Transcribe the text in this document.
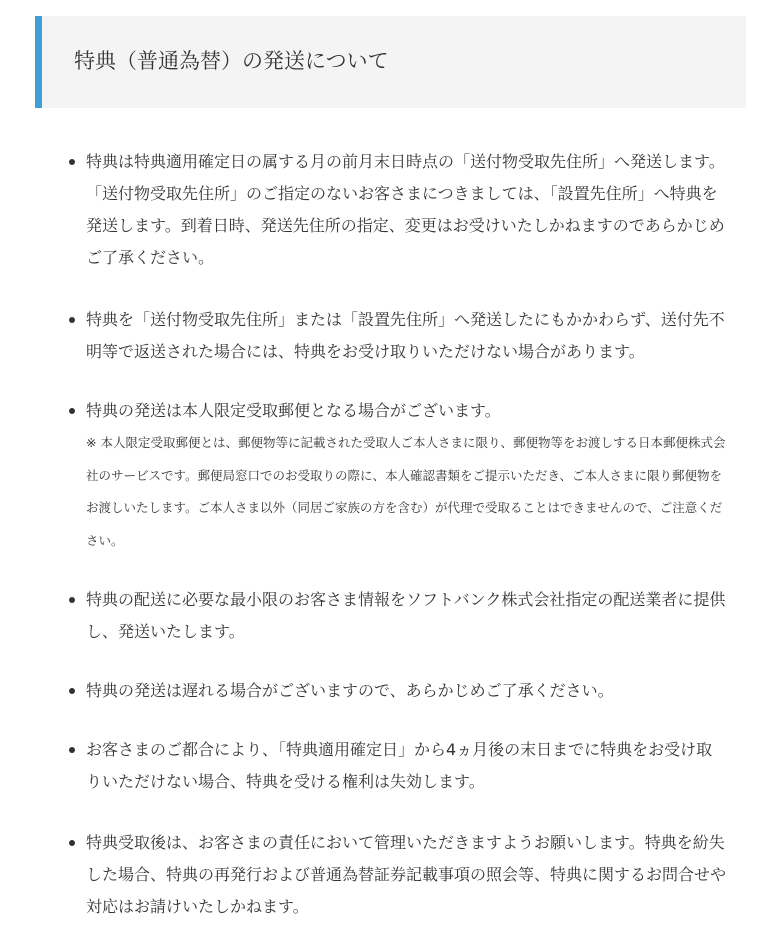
特典（普通為替）の発送について
特典は特典適用確定日の属する月の前月末日時点の「送付物受取先住所」へ発送します。「送付物受取先住所」のご指定のないお客さまにつきましては、「設置先住所」へ特典を発送します。到着日時、発送先住所の指定、変更はお受けいたしかねますのであらかじめご了承ください。
特典を「送付物受取先住所」または「設置先住所」へ発送したにもかかわらず、送付先不明等で返送された場合には、特典をお受け取りいただけない場合があります。
特典の発送は本人限定受取郵便となる場合がございます。
※ 本人限定受取郵便とは、郵便物等に記載された受取人ご本人さまに限り、郵便物等をお渡しする日本郵便株式会社のサービスです。郵便局窓口でのお受取りの際に、本人確認書類をご提示いただき、ご本人さまに限り郵便物をお渡しいたします。ご本人さま以外（同居ご家族の方を含む）が代理で受取ることはできませんので、ご注意ください。
特典の配送に必要な最小限のお客さま情報をソフトバンク株式会社指定の配送業者に提供し、発送いたします。
特典の発送は遅れる場合がございますので、あらかじめご了承ください。
お客さまのご都合により、「特典適用確定日」から4ヵ月後の末日までに特典をお受け取りいただけない場合、特典を受ける権利は失効します。
特典受取後は、お客さまの責任において管理いただきますようお願いします。特典を紛失した場合、特典の再発行および普通為替証券記載事項の照会等、特典に関するお問合せや対応はお請けいたしかねます。
